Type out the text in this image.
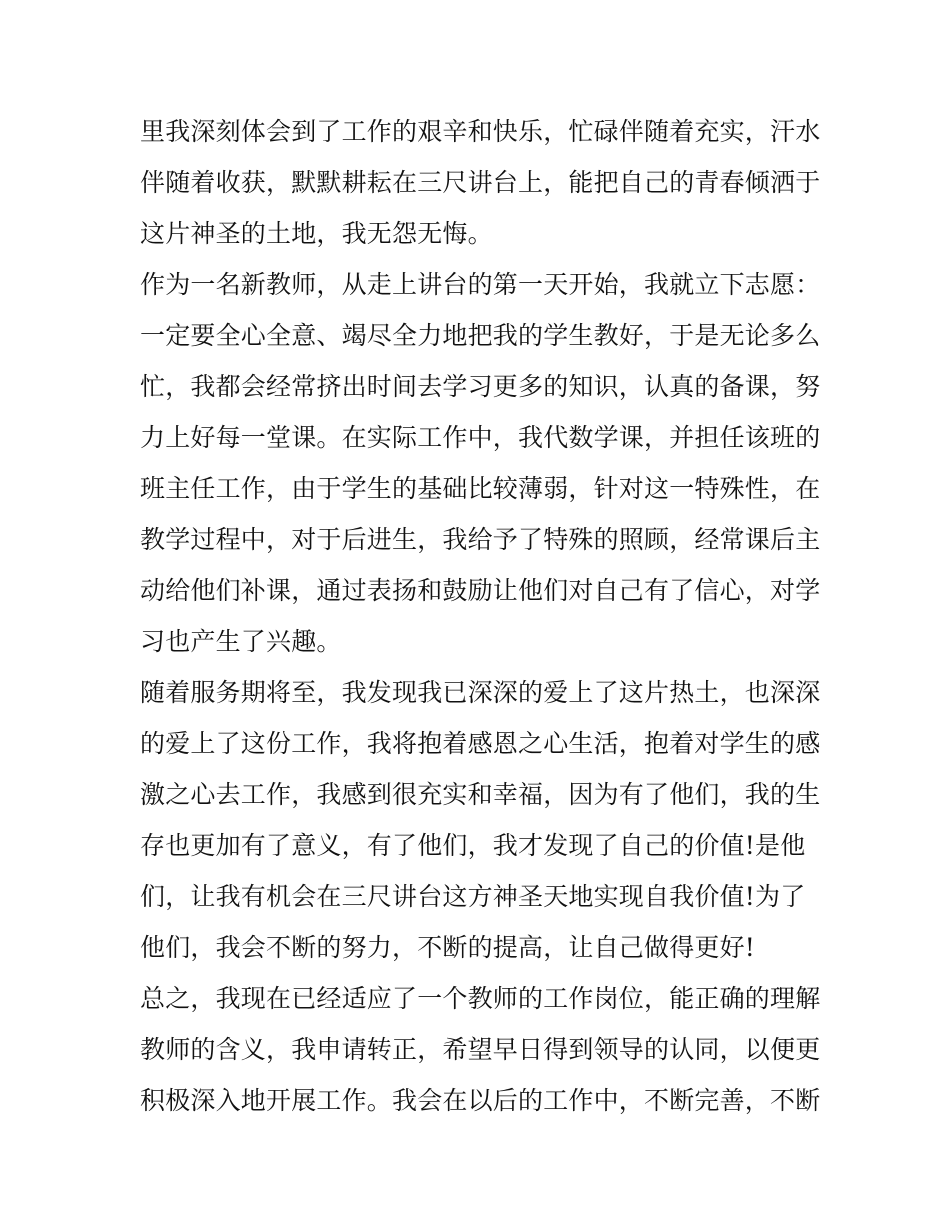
里我深刻体会到了工作的艰辛和快乐，忙碌伴随着充实，汗水
伴随着收获，默默耕耘在三尺讲台上，能把自己的青春倾洒于
这片神圣的土地，我无怨无悔。
作为一名新教师，从走上讲台的第一天开始，我就立下志愿：
一定要全心全意、竭尽全力地把我的学生教好，于是无论多么
忙，我都会经常挤出时间去学习更多的知识，认真的备课，努
力上好每一堂课。在实际工作中，我代数学课，并担任该班的
班主任工作，由于学生的基础比较薄弱，针对这一特殊性，在
教学过程中，对于后进生，我给予了特殊的照顾，经常课后主
动给他们补课，通过表扬和鼓励让他们对自己有了信心，对学
习也产生了兴趣。
随着服务期将至，我发现我已深深的爱上了这片热土，也深深
的爱上了这份工作，我将抱着感恩之心生活，抱着对学生的感
激之心去工作，我感到很充实和幸福，因为有了他们，我的生
存也更加有了意义，有了他们，我才发现了自己的价值!是他
们，让我有机会在三尺讲台这方神圣天地实现自我价值!为了
他们，我会不断的努力，不断的提高，让自己做得更好!
总之，我现在已经适应了一个教师的工作岗位，能正确的理解
教师的含义，我申请转正，希望早日得到领导的认同，以便更
积极深入地开展工作。我会在以后的工作中，不断完善，不断
